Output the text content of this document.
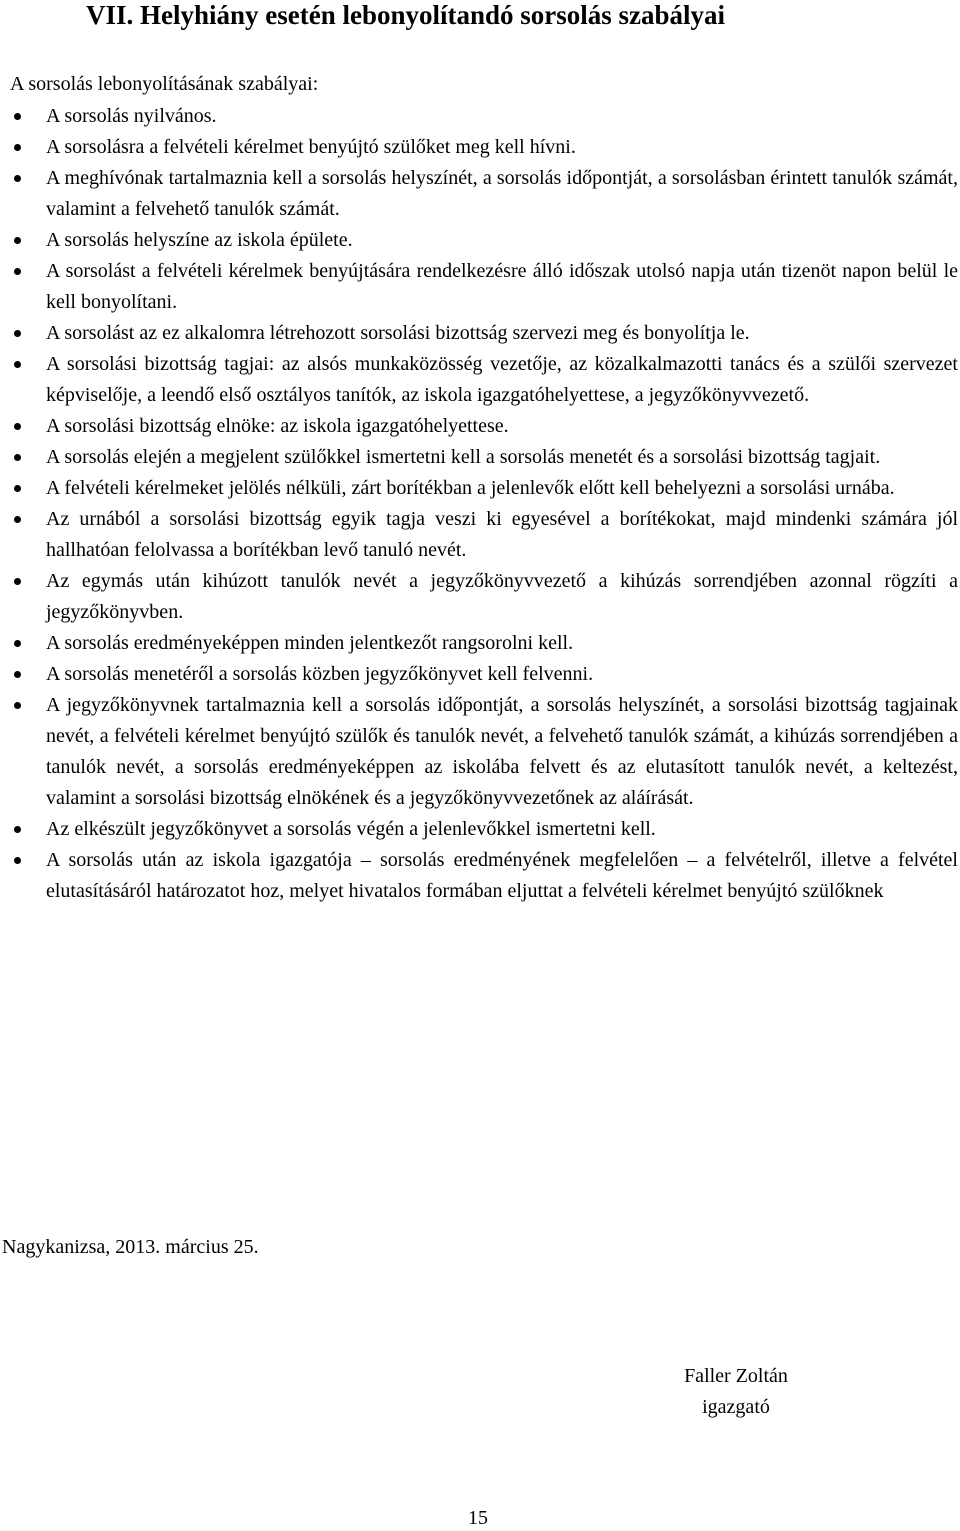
VII. Helyhiány esetén lebonyolítandó sorsolás szabályai
A sorsolás lebonyolításának szabályai:
A sorsolás nyilvános.
A sorsolásra a felvételi kérelmet benyújtó szülőket meg kell hívni.
A meghívónak tartalmaznia kell a sorsolás helyszínét, a sorsolás időpontját, a sorsolásban érintett tanulók számát, valamint a felvehető tanulók számát.
A sorsolás helyszíne az iskola épülete.
A sorsolást a felvételi kérelmek benyújtására rendelkezésre álló időszak utolsó napja után tizenöt napon belül le kell bonyolítani.
A sorsolást az ez alkalomra létrehozott sorsolási bizottság szervezi meg és bonyolítja le.
A sorsolási bizottság tagjai: az alsós munkaközösség vezetője, az közalkalmazotti tanács és a szülői szervezet képviselője, a leendő első osztályos tanítók, az iskola igazgatóhelyettese, a jegyzőkönyvvezető.
A sorsolási bizottság elnöke: az iskola igazgatóhelyettese.
A sorsolás elején a megjelent szülőkkel ismertetni kell a sorsolás menetét és a sorsolási bizottság tagjait.
A felvételi kérelmeket jelölés nélküli, zárt borítékban a jelenlevők előtt kell behelyezni a sorsolási urnába.
Az urnából a sorsolási bizottság egyik tagja veszi ki egyesével a borítékokat, majd mindenki számára jól hallhatóan felolvassa a borítékban levő tanuló nevét.
Az egymás után kihúzott tanulók nevét a jegyzőkönyvvezető a kihúzás sorrendjében azonnal rögzíti a jegyzőkönyvben.
A sorsolás eredményeképpen minden jelentkezőt rangsorolni kell.
A sorsolás menetéről a sorsolás közben jegyzőkönyvet kell felvenni.
A jegyzőkönyvnek tartalmaznia kell a sorsolás időpontját, a sorsolás helyszínét, a sorsolási bizottság tagjainak nevét, a felvételi kérelmet benyújtó szülők és tanulók nevét, a felvehető tanulók számát, a kihúzás sorrendjében a tanulók nevét, a sorsolás eredményeképpen az iskolába felvett és az elutasított tanulók nevét, a keltezést, valamint a sorsolási bizottság elnökének és a jegyzőkönyvvezetőnek az aláírását.
Az elkészült jegyzőkönyvet a sorsolás végén a jelenlevőkkel ismertetni kell.
A sorsolás után az iskola igazgatója – sorsolás eredményének megfelelően – a felvételről, illetve a felvétel elutasításáról határozatot hoz, melyet hivatalos formában eljuttat a felvételi kérelmet benyújtó szülőknek
Nagykanizsa, 2013. március 25.
Faller Zoltán
igazgató
15
